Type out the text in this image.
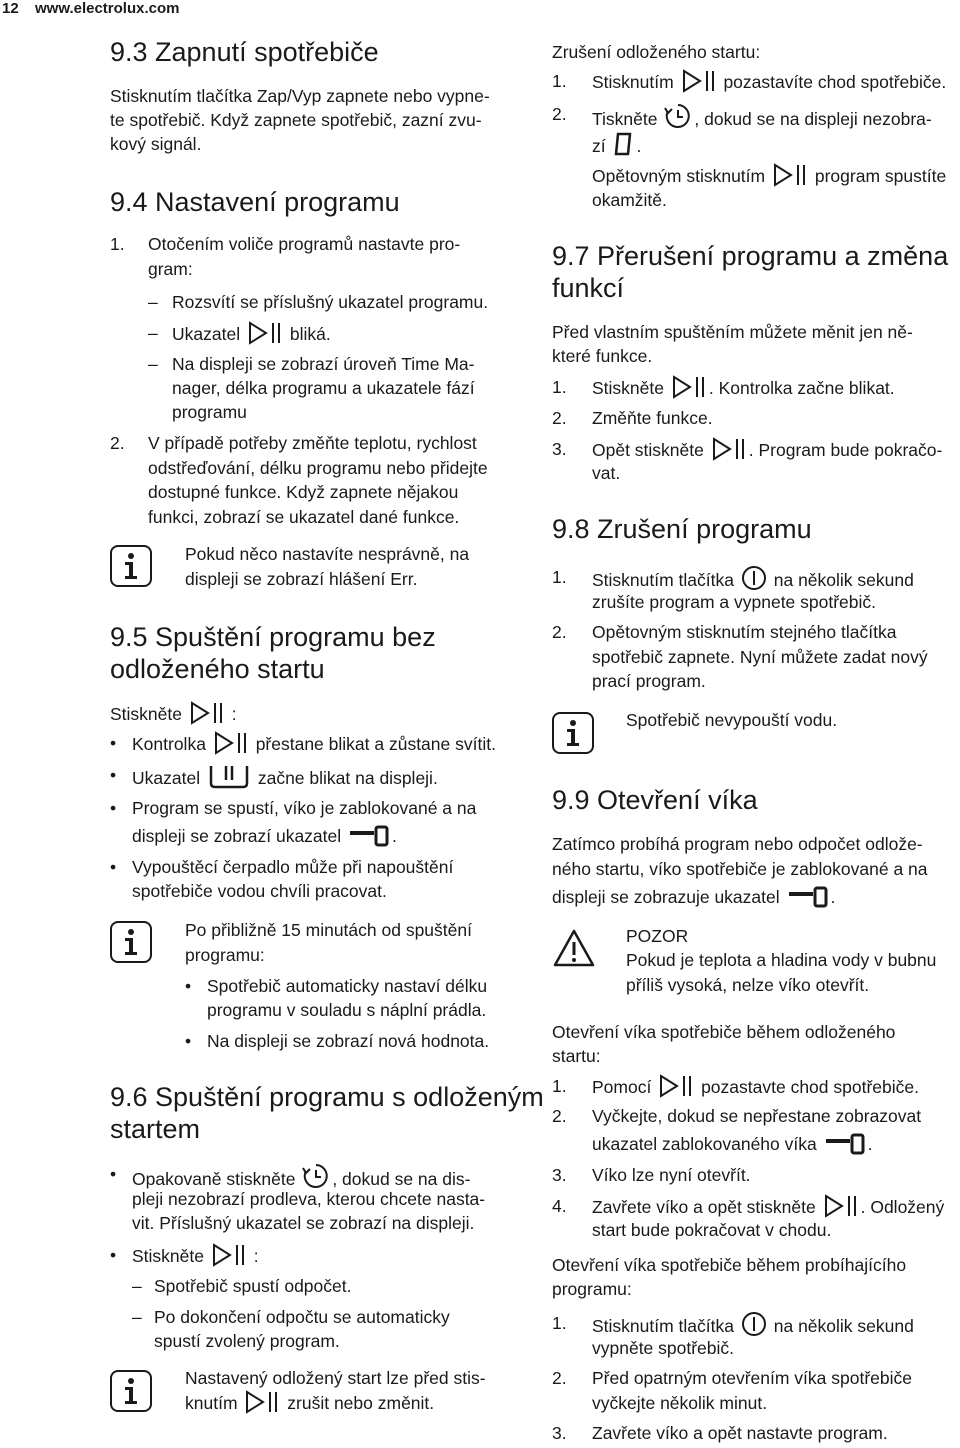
12 www.electrolux.com
9.3 Zapnutí spotřebiče
Stisknutím tlačítka Zap/Vyp zapnete nebo vypne-
te spotřebič. Když zapnete spotřebič, zazní zvu-
kový signál.
9.4 Nastavení programu
1. Otočením voliče programů nastavte pro-
gram:
– Rozsvítí se příslušný ukazatel programu.
– Ukazatel	bliká.
– Na displeji se zobrazí úroveň Time Ma-
nager, délka programu a ukazatele fází
programu
2. V případě potřeby změňte teplotu, rychlost
odstřeďování, délku programu nebo přidejte
dostupné funkce. Když zapnete nějakou
funkci, zobrazí se ukazatel dané funkce.
Pokud něco nastavíte nesprávně, na
displeji se zobrazí hlášení Err.
9.5 Spuštění programu bez
odloženého startu
Stiskněte	:
• Kontrolka	přestane blikat a zůstane svítit.
• Ukazatel	začne blikat na displeji.
• Program se spustí, víko je zablokované a na
displeji se zobrazí ukazatel	.
• Vypouštěcí čerpadlo může při napouštění
spotřebiče vodou chvíli pracovat.
Po přibližně 15 minutách od spuštění
programu:
• Spotřebič automaticky nastaví délku
programu v souladu s náplní prádla.
• Na displeji se zobrazí nová hodnota.
9.6 Spuštění programu s odloženým
startem
• Opakovaně stiskněte , dokud se na dis-
pleji nezobrazí prodleva, kterou chcete nasta-
vit. Příslušný ukazatel se zobrazí na displeji.
• Stiskněte	:
– Spotřebič spustí odpočet.
– Po dokončení odpočtu se automaticky
spustí zvolený program.
Nastavený odložený start lze před stis-
knutím	zrušit nebo změnit.
Zrušení odloženého startu:
1. Stisknutím	pozastavíte chod spotřebiče.
2. Tiskněte , dokud se na displeji nezobra-
zí .
Opětovným stisknutím	program spustíte
okamžitě.
9.7 Přerušení programu a změna
funkcí
Před vlastním spuštěním můžete měnit jen ně-
které funkce.
1. Stiskněte	. Kontrolka začne blikat.
2. Změňte funkce.
3. Opět stiskněte	. Program bude pokračo-
vat.
9.8 Zrušení programu
1. Stisknutím tlačítka na několik sekund
zrušíte program a vypnete spotřebič.
2. Opětovným stisknutím stejného tlačítka
spotřebič zapnete. Nyní můžete zadat nový
prací program.
Spotřebič nevypouští vodu.
9.9 Otevření víka
Zatímco probíhá program nebo odpočet odlože-
ného startu, víko spotřebiče je zablokované a na
displeji se zobrazuje ukazatel	.
POZOR
Pokud je teplota a hladina vody v bubnu
příliš vysoká, nelze víko otevřít.
Otevření víka spotřebiče během odloženého
startu:
1. Pomocí	pozastavte chod spotřebiče.
2. Vyčkejte, dokud se nepřestane zobrazovat
ukazatel zablokovaného víka	.
3. Víko lze nyní otevřít.
4. Zavřete víko a opět stiskněte	. Odložený
start bude pokračovat v chodu.
Otevření víka spotřebiče během probíhajícího
programu:
1. Stisknutím tlačítka na několik sekund
vypněte spotřebič.
2. Před opatrným otevřením víka spotřebiče
vyčkejte několik minut.
3. Zavřete víko a opět nastavte program.
